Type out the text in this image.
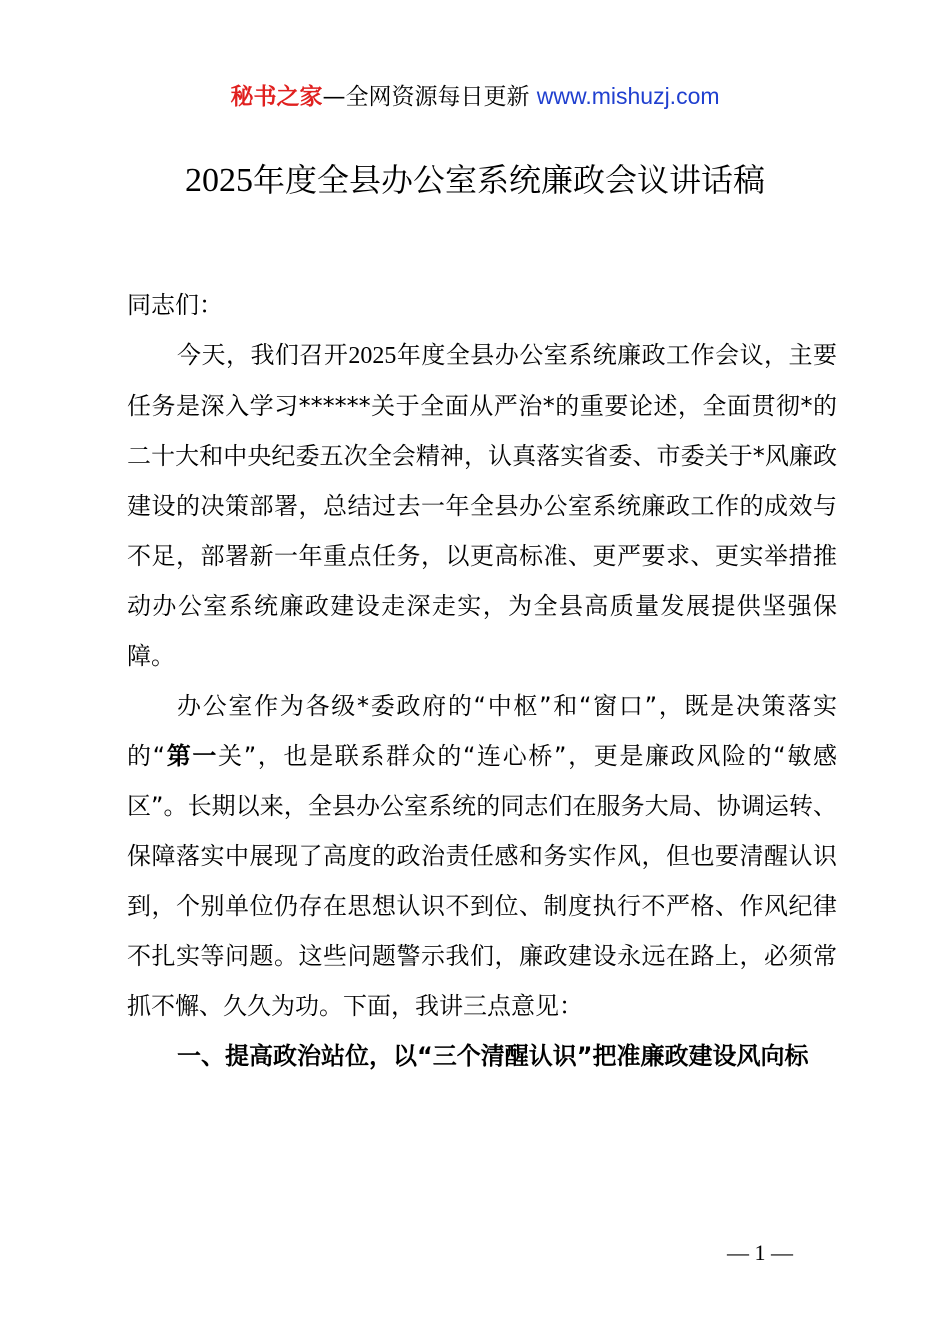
秘书之家—全网资源每日更新 www.mishuzj.com
2025年度全县办公室系统廉政会议讲话稿

同志们：

今天，我们召开2025年度全县办公室系统廉政工作会议，主要任务是深入学习******关于全面从严治*的重要论述，全面贯彻*的二十大和中央纪委五次全会精神，认真落实省委、市委关于*风廉政建设的决策部署，总结过去一年全县办公室系统廉政工作的成效与不足，部署新一年重点任务，以更高标准、更严要求、更实举措推动办公室系统廉政建设走深走实，为全县高质量发展提供坚强保障。

办公室作为各级*委政府的“中枢”和“窗口”，既是决策落实的“第一关”，也是联系群众的“连心桥”，更是廉政风险的“敏感区”。长期以来，全县办公室系统的同志们在服务大局、协调运转、保障落实中展现了高度的政治责任感和务实作风，但也要清醒认识到，个别单位仍存在思想认识不到位、制度执行不严格、作风纪律不扎实等问题。这些问题警示我们，廉政建设永远在路上，必须常抓不懈、久久为功。下面，我讲三点意见：

一、提高政治站位，以“三个清醒认识”把准廉政建设风向标

— 1 —
